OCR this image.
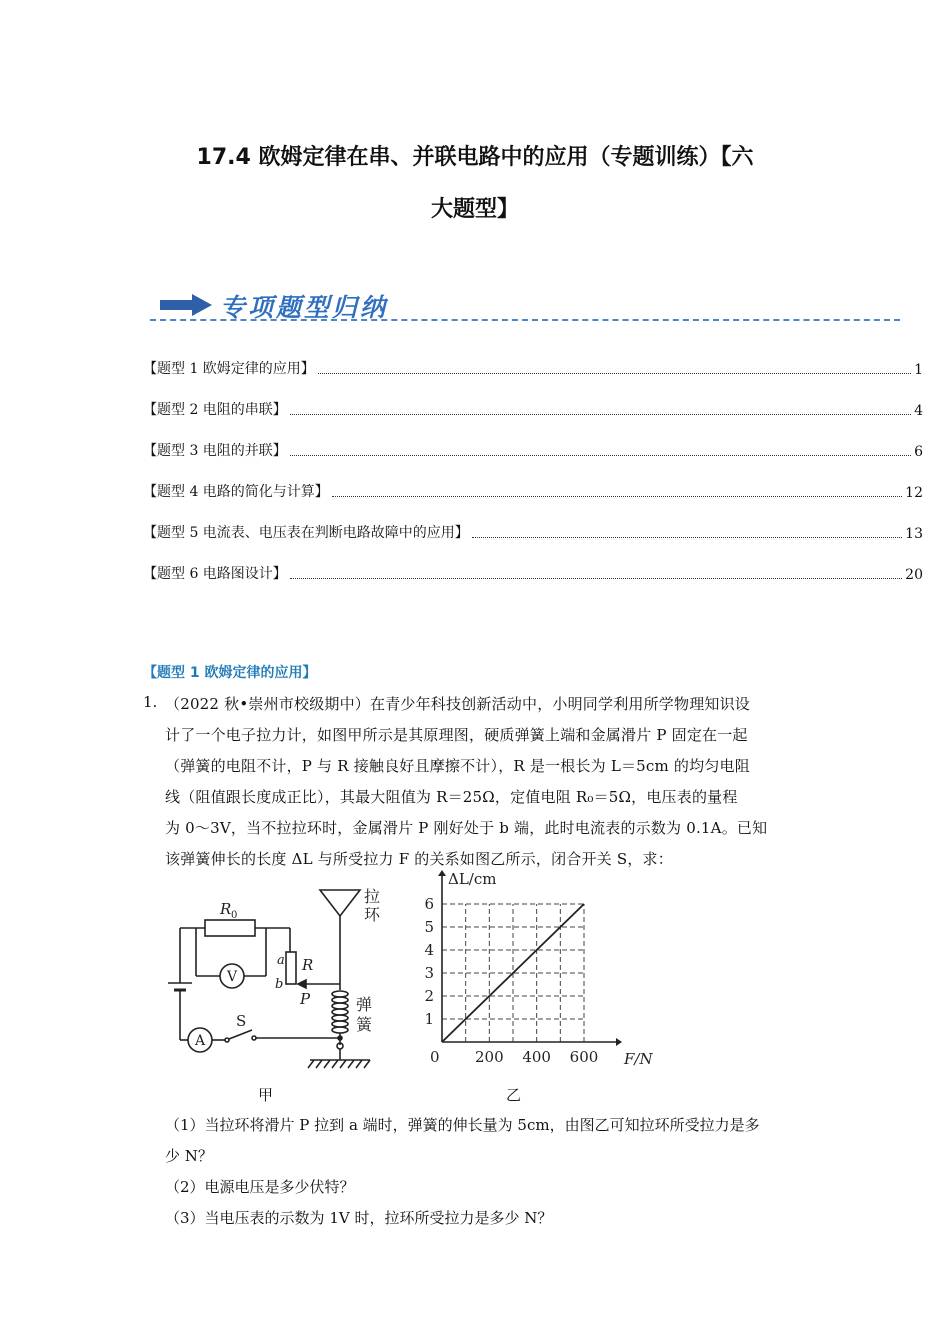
17.4 欧姆定律在串、并联电路中的应用（专题训练）【六
大题型】
专项题型归纳
【题型 1 欧姆定律的应用】	1
【题型 2 电阻的串联】	4
【题型 3 电阻的并联】	6
【题型 4 电路的简化与计算】	12
【题型 5 电流表、电压表在判断电路故障中的应用】	13
【题型 6 电路图设计】	20
【题型 1 欧姆定律的应用】
1. （2022 秋•崇州市校级期中）在青少年科技创新活动中，小明同学利用所学物理知识设
计了一个电子拉力计，如图甲所示是其原理图，硬质弹簧上端和金属滑片 P 固定在一起
（弹簧的电阻不计，P 与 R 接触良好且摩擦不计），R 是一根长为 L＝5cm 的均匀电阻
线（阻值跟长度成正比），其最大阻值为 R＝25Ω，定值电阻 R₀＝5Ω，电压表的量程
为 0～3V，当不拉拉环时，金属滑片 P 刚好处于 b 端，此时电流表的示数为 0.1A。已知
该弹簧伸长的长度 ΔL 与所受拉力 F 的关系如图乙所示，闭合开关 S，求：
A
S
R 0
V
a
b
R
P
拉
环
弹
簧
甲
200 400 600
1
2
3
4
5
6
ΔL/cm
F/N
0
乙
（1）当拉环将滑片 P 拉到 a 端时，弹簧的伸长量为 5cm，由图乙可知拉环所受拉力是多
少 N？
（2）电源电压是多少伏特？
（3）当电压表的示数为 1V 时，拉环所受拉力是多少 N？
